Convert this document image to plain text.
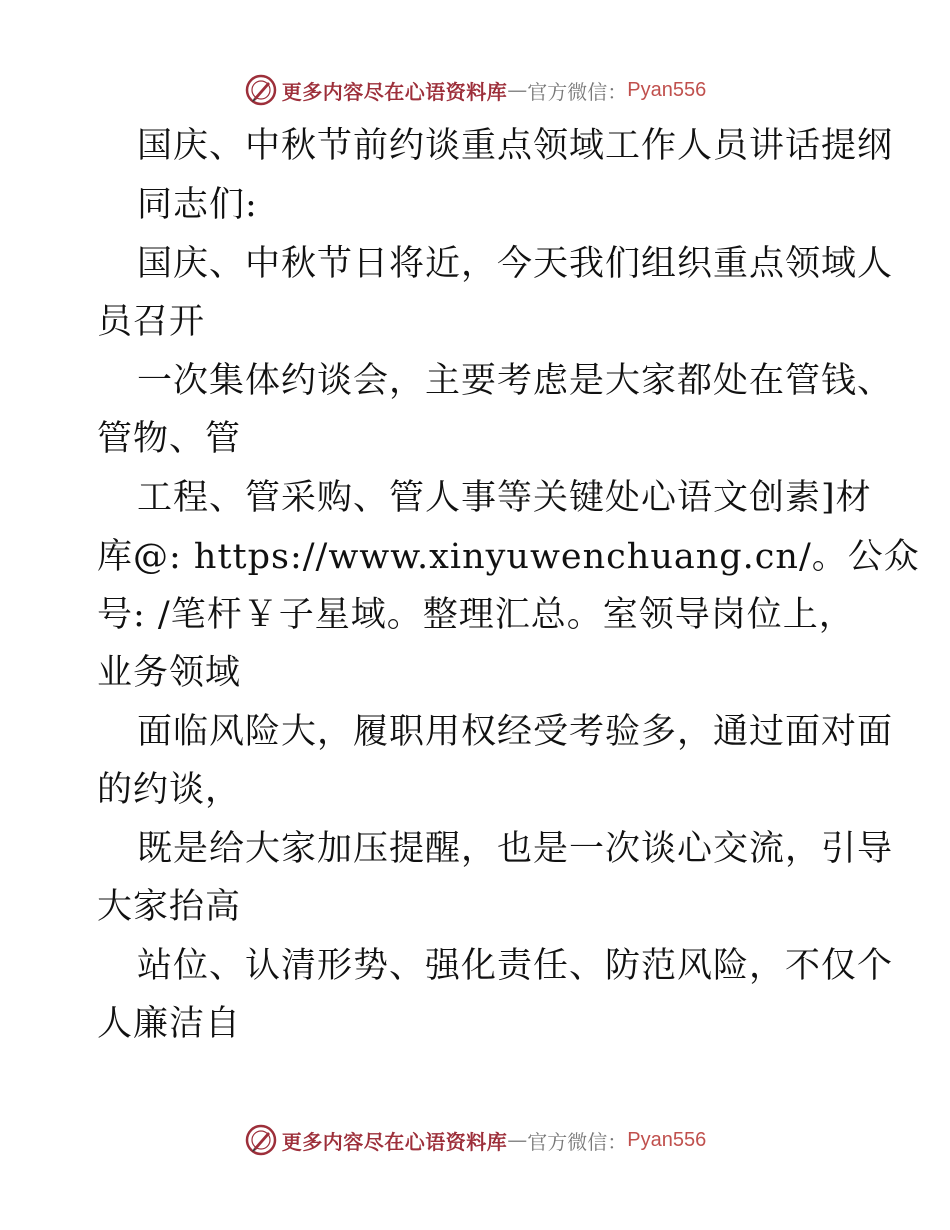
更多内容尽在心语资料库 — 官方微信： Pyan556
国庆、中秋节前约谈重点领域工作人员讲话提纲
同志们:
国庆、中秋节日将近，今天我们组织重点领域人
员召开
一次集体约谈会，主要考虑是大家都处在管钱、
管物、管
工程、管采购、管人事等关键处心语文创素]材
库@: https://www.xinyuwenchuang.cn/。公众
号: /笔杆￥子星域。整理汇总。室领导岗位上，
业务领域
面临风险大，履职用权经受考验多，通过面对面
的约谈，
既是给大家加压提醒，也是一次谈心交流，引导
大家抬高
站位、认清形势、强化责任、防范风险，不仅个
人廉洁自
更多内容尽在心语资料库 — 官方微信： Pyan556
